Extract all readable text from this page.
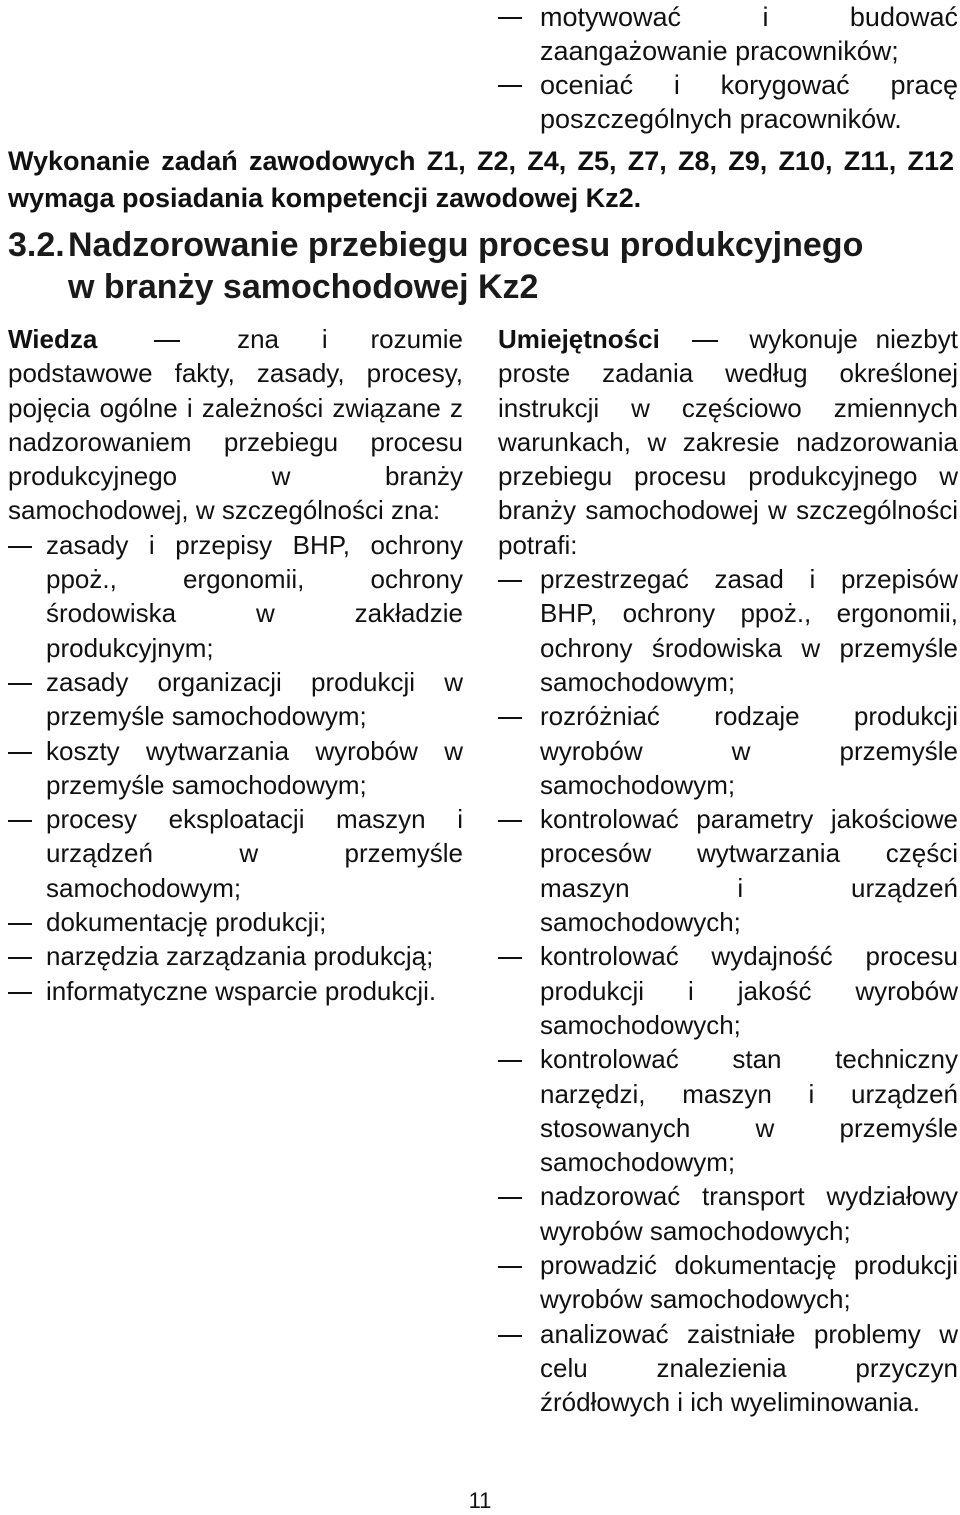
motywować i budować zaangażowanie pracowników;
oceniać i korygować pracę poszczególnych pracowników.
Wykonanie zadań zawodowych Z1, Z2, Z4, Z5, Z7, Z8, Z9, Z10, Z11, Z12 wymaga posiadania kompetencji zawodowej Kz2.
3.2.Nadzorowanie przebiegu procesu produkcyjnego
w branży samochodowej Kz2

Wiedza	zna i rozumie podstawowe fakty, zasady, procesy, pojęcia ogólne i zależności związane z nadzorowaniem przebiegu procesu produkcyjnego w branży samochodowej, w szczególności zna:

zasady i przepisy BHP, ochrony ppoż., ergonomii, ochrony środowiska w zakładzie produkcyjnym;
zasady organizacji produkcji w przemyśle samochodowym;
koszty wytwarzania wyrobów w przemyśle samochodowym;
procesy eksploatacji maszyn i urządzeń w przemyśle samochodowym;
dokumentację produkcji;
narzędzia zarządzania produkcją;
informatyczne wsparcie produkcji.

Umiejętności	wykonuje niezbyt proste zadania według określonej instrukcji w częściowo zmiennych warunkach, w zakresie nadzorowania przebiegu procesu produkcyjnego w branży samochodowej w szczególności potrafi:

przestrzegać zasad i przepisów BHP, ochrony ppoż., ergonomii, ochrony środowiska w przemyśle samochodowym;
rozróżniać rodzaje produkcji wyrobów w przemyśle samochodowym;
kontrolować parametry jakościowe procesów wytwarzania części maszyn i urządzeń samochodowych;
kontrolować wydajność procesu produkcji i jakość wyrobów samochodowych;
kontrolować stan techniczny narzędzi, maszyn i urządzeń stosowanych w przemyśle samochodowym;
nadzorować transport wydziałowy wyrobów samochodowych;
prowadzić dokumentację produkcji wyrobów samochodowych;
analizować zaistniałe problemy w celu znalezienia przyczyn źródłowych i ich wyeliminowania.
11
